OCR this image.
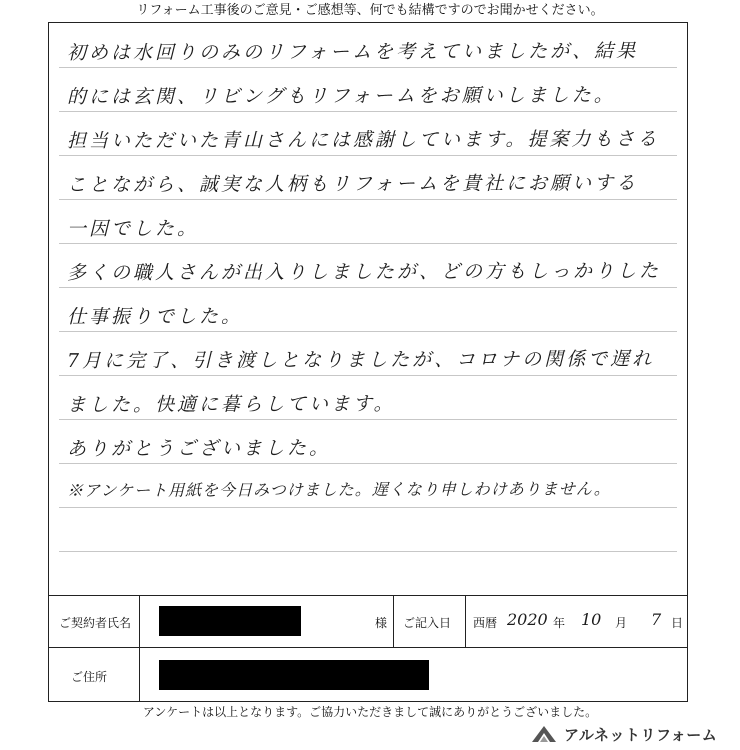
リフォーム工事後のご意見・ご感想等、何でも結構ですのでお聞かせください。
初めは水回りのみのリフォームを考えていましたが、結果
的には玄関、リビングもリフォームをお願いしました。
担当いただいた青山さんには感謝しています。提案力もさる
ことながら、誠実な人柄もリフォームを貴社にお願いする
一因でした。
多くの職人さんが出入りしましたが、どの方もしっかりした
仕事振りでした。
7月に完了、引き渡しとなりましたが、コロナの関係で遅れ
ました。快適に暮らしています。
ありがとうございました。
※アンケート用紙を今日みつけました。遅くなり申しわけありません。
ご契約者氏名	様 ご記入日 西暦 2020 年 10 月 7 日
ご住所
アンケートは以上となります。ご協力いただきまして誠にありがとうございました。
アルネットリフォーム
